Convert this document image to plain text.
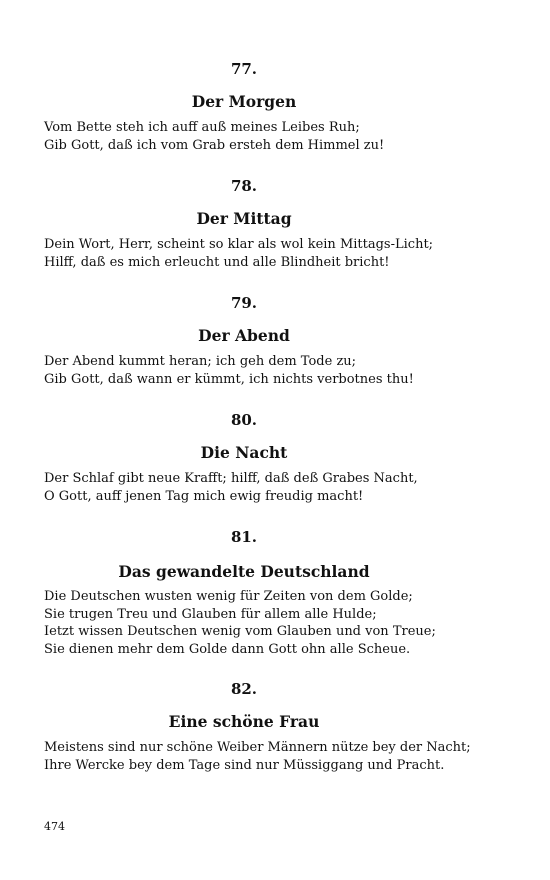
77.
Der Morgen
Vom Bette steh ich auff auß meines Leibes Ruh;
Gib Gott, daß ich vom Grab ersteh dem Himmel zu!
78.
Der Mittag
Dein Wort, Herr, scheint so klar als wol kein Mittags-Licht;
Hilff, daß es mich erleucht und alle Blindheit bricht!
79.
Der Abend
Der Abend kummt heran; ich geh dem Tode zu;
Gib Gott, daß wann er kümmt, ich nichts verbotnes thu!
80.
Die Nacht
Der Schlaf gibt neue Krafft; hilff, daß deß Grabes Nacht,
O Gott, auff jenen Tag mich ewig freudig macht!
81.
Das gewandelte Deutschland
Die Deutschen wusten wenig für Zeiten von dem Golde;
Sie trugen Treu und Glauben für allem alle Hulde;
Ietzt wissen Deutschen wenig vom Glauben und von Treue;
Sie dienen mehr dem Golde dann Gott ohn alle Scheue.
82.
Eine schöne Frau
Meistens sind nur schöne Weiber Männern nütze bey der Nacht;
Ihre Wercke bey dem Tage sind nur Müssiggang und Pracht.
474
